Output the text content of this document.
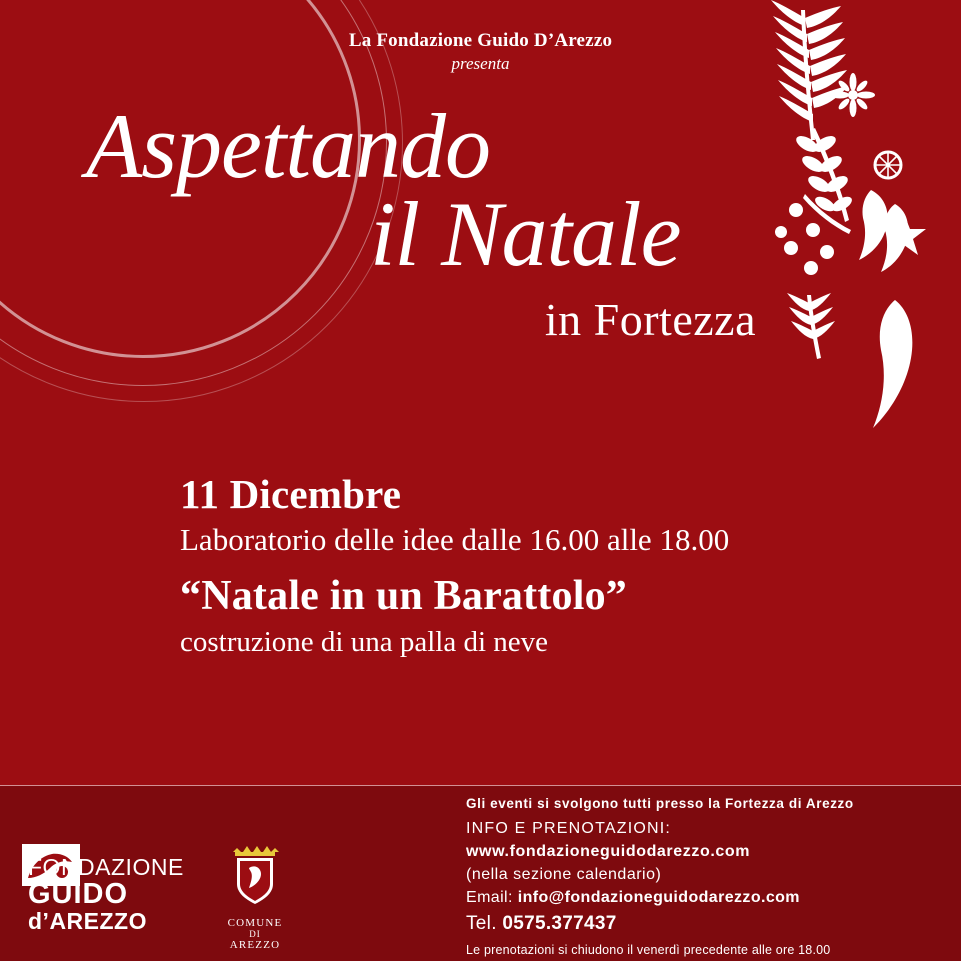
La Fondazione Guido D’Arezzo
presenta
Aspettando
il Natale
in Fortezza
11 Dicembre
Laboratorio delle idee dalle 16.00 alle 18.00
“Natale in un Barattolo”
costruzione di una palla di neve
FONDAZIONE
GUIDO
d’AREZZO	COMUNE
DI
AREZZO
Gli eventi si svolgono tutti presso la Fortezza di Arezzo
INFO E PRENOTAZIONI:
www.fondazioneguidodarezzo.com
(nella sezione calendario)
Email: info@fondazioneguidodarezzo.com
Tel. 0575.377437
Le prenotazioni si chiudono il venerdì precedente alle ore 18.00
